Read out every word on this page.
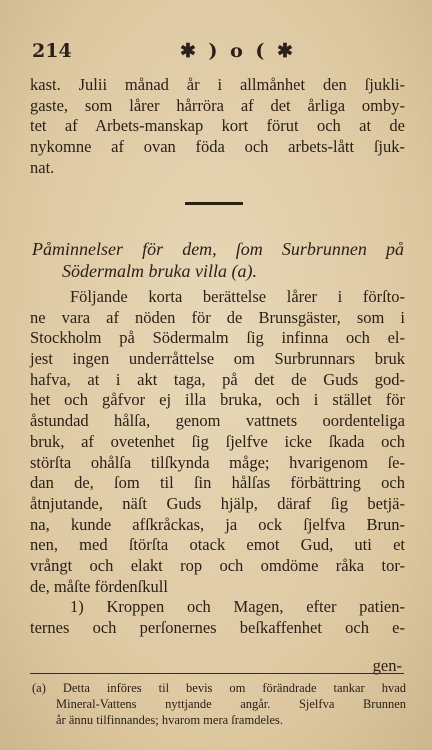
214	✱ ) o ( ✱
kast. Julii månad år i allmånhet den ſjukli-
gaste, som lårer hårröra af det årliga omby-
tet af Arbets-manskap kort förut och at de
nykomne af ovan föda och arbets-lått ſjuk-
nat.
Påminnelser för dem, ſom Surbrunnen på
Södermalm bruka villa (a).
Följande korta berättelse lårer i förſto-
ne vara af nöden för de Brunsgäster, som i
Stockholm på Södermalm ſig infinna och el-
jest ingen underråttelse om Surbrunnars bruk
hafva, at i akt taga, på det de Guds god-
het och gåfvor ej illa bruka, och i stället för
åstundad hålſa, genom vattnets oordenteliga
bruk, af ovetenhet ſig ſjelfve icke ſkada och
störſta ohålſa tilſkynda måge; hvarigenom ſe-
dan de, ſom til ſin hålſas förbättring och
åtnjutande, näſt Guds hjälp, däraf ſig betjä-
na, kunde afſkråckas, ja ock ſjelfva Brun-
nen, med ſtörſta otack emot Gud, uti et
vrångt och elakt rop och omdöme råka tor-
de, måſte fördenſkull
1) Kroppen och Magen, efter patien-
ternes och perſonernes beſkaffenhet och e-
gen-
(a) Detta införes til bevis om förändrade tankar hvad
Mineral-Vattens nyttjande angår. Sjelfva Brunnen
år ännu tilfinnandes; hvarom mera ſramdeles.
